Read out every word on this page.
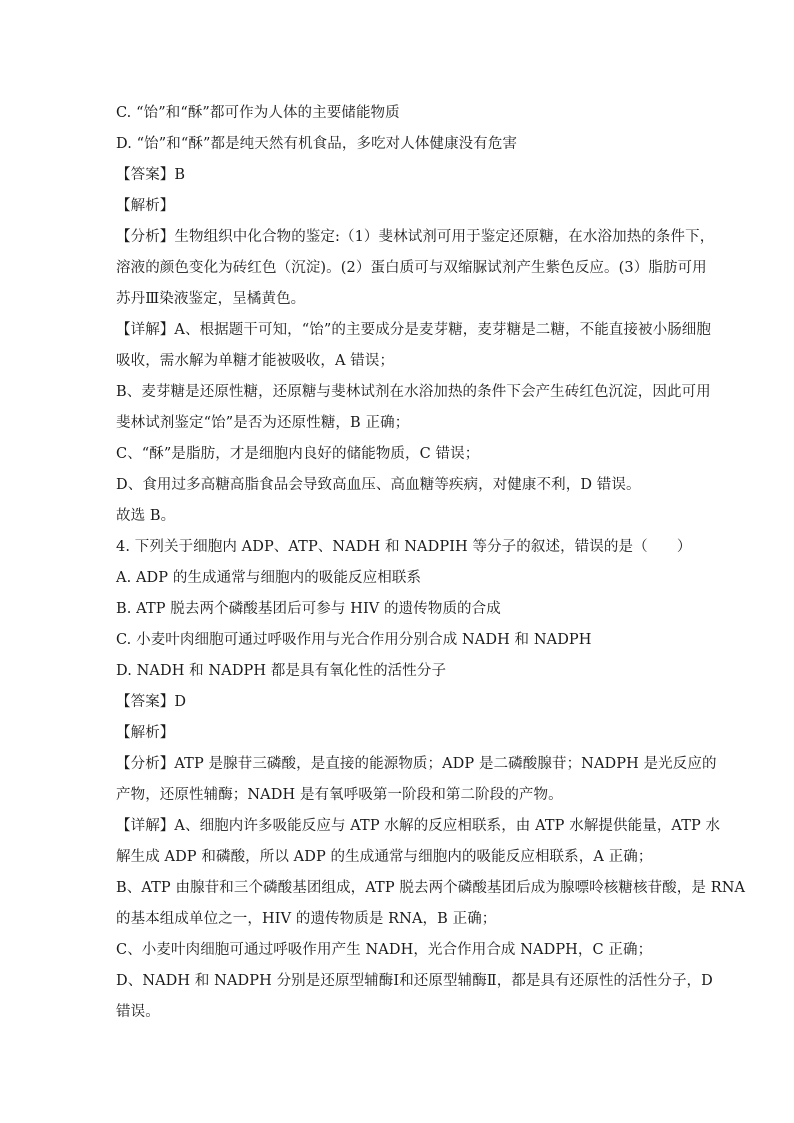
C. “饴”和“酥”都可作为人体的主要储能物质
D. “饴”和“酥”都是纯天然有机食品，多吃对人体健康没有危害
【答案】B
【解析】
【分析】生物组织中化合物的鉴定:（1）斐林试剂可用于鉴定还原糖，在水浴加热的条件下，
溶液的颜色变化为砖红色（沉淀)。(2）蛋白质可与双缩脲试剂产生紫色反应。(3）脂肪可用
苏丹Ⅲ染液鉴定，呈橘黄色。
【详解】A、根据题干可知，“饴”的主要成分是麦芽糖，麦芽糖是二糖，不能直接被小肠细胞
吸收，需水解为单糖才能被吸收，A 错误；
B、麦芽糖是还原性糖，还原糖与斐林试剂在水浴加热的条件下会产生砖红色沉淀，因此可用
斐林试剂鉴定“饴”是否为还原性糖，B 正确；
C、“酥”是脂肪，才是细胞内良好的储能物质，C 错误；
D、食用过多高糖高脂食品会导致高血压、高血糖等疾病，对健康不利，D 错误。
故选 B。
4. 下列关于细胞内 ADP、ATP、NADH 和 NADPIH 等分子的叙述，错误的是（　　）
A. ADP 的生成通常与细胞内的吸能反应相联系
B. ATP 脱去两个磷酸基团后可参与 HIV 的遗传物质的合成
C. 小麦叶肉细胞可通过呼吸作用与光合作用分别合成 NADH 和 NADPH
D. NADH 和 NADPH 都是具有氧化性的活性分子
【答案】D
【解析】
【分析】ATP 是腺苷三磷酸，是直接的能源物质；ADP 是二磷酸腺苷；NADPH 是光反应的
产物，还原性辅酶；NADH 是有氧呼吸第一阶段和第二阶段的产物。
【详解】A、细胞内许多吸能反应与 ATP 水解的反应相联系，由 ATP 水解提供能量，ATP 水
解生成 ADP 和磷酸，所以 ADP 的生成通常与细胞内的吸能反应相联系，A 正确；
B、ATP 由腺苷和三个磷酸基团组成，ATP 脱去两个磷酸基团后成为腺嘌呤核糖核苷酸，是 RNA
的基本组成单位之一，HIV 的遗传物质是 RNA，B 正确；
C、小麦叶肉细胞可通过呼吸作用产生 NADH，光合作用合成 NADPH，C 正确；
D、NADH 和 NADPH 分别是还原型辅酶Ⅰ和还原型辅酶Ⅱ，都是具有还原性的活性分子，D
错误。
